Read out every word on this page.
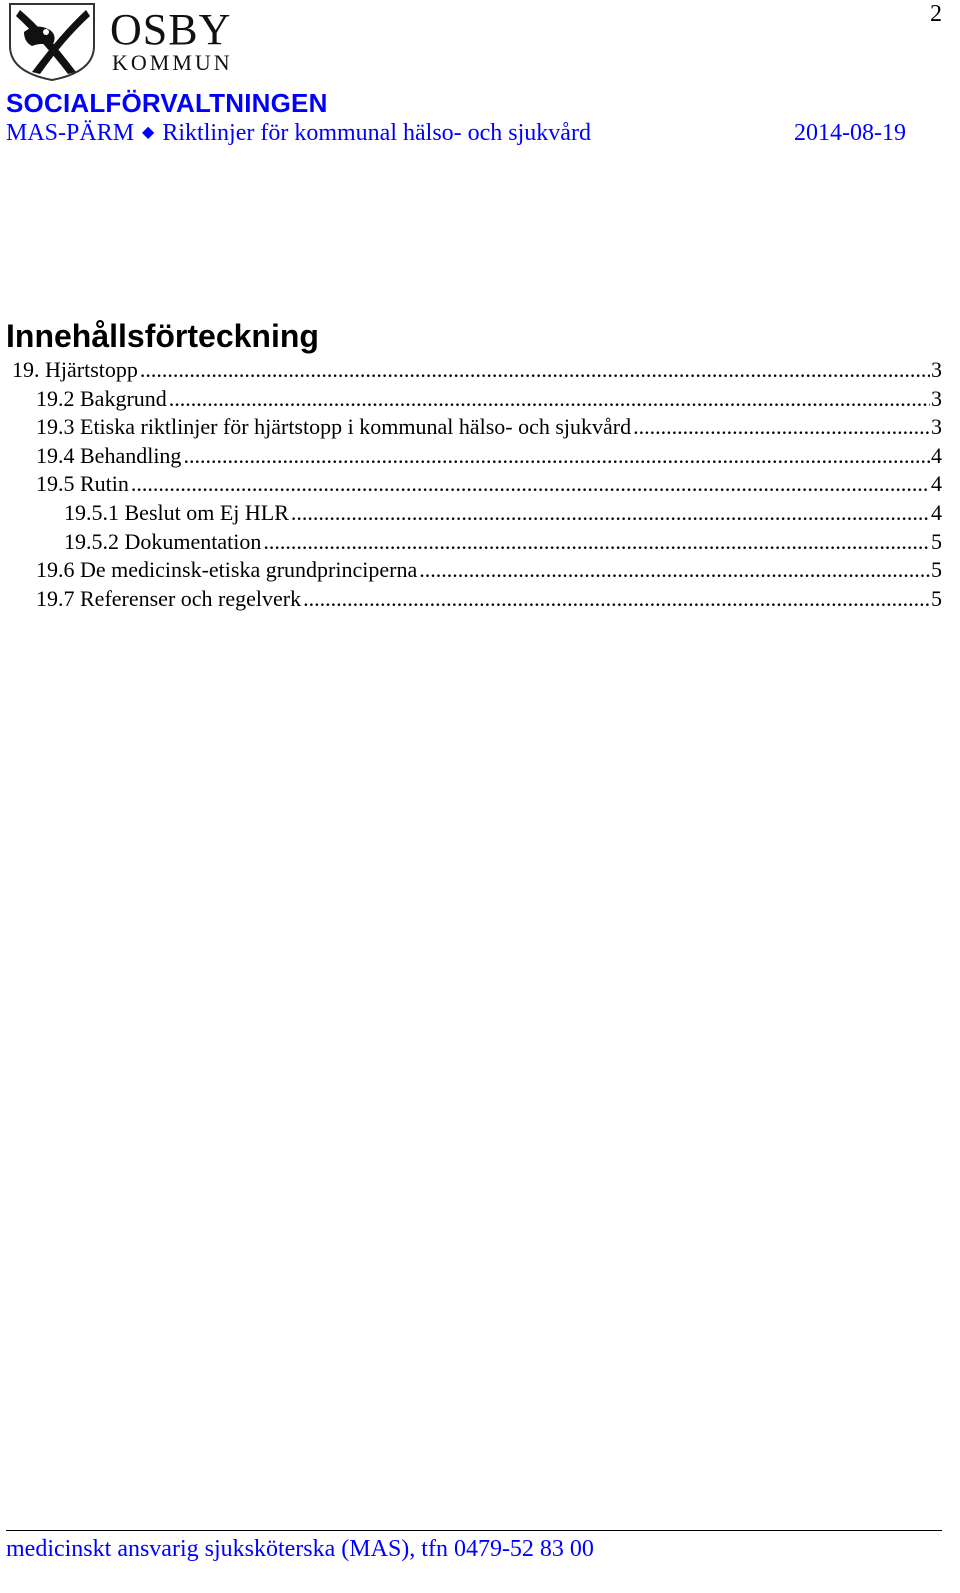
2
OSBY
KOMMUN
SOCIALFÖRVALTNINGEN
MAS-PÄRM ◆ Riktlinjer för kommunal hälso- och sjukvård	2014-08-19
Innehållsförteckning
19. Hjärtstopp .....	3
19.2 Bakgrund .....	3
19.3 Etiska riktlinjer för hjärtstopp i kommunal hälso- och sjukvård .....	3
19.4 Behandling .....	4
19.5 Rutin .....	4
19.5.1 Beslut om Ej HLR .....	4
19.5.2 Dokumentation .....	5
19.6 De medicinsk-etiska grundprinciperna .....	5
19.7 Referenser och regelverk .....	5
medicinskt ansvarig sjuksköterska (MAS), tfn 0479-52 83 00
